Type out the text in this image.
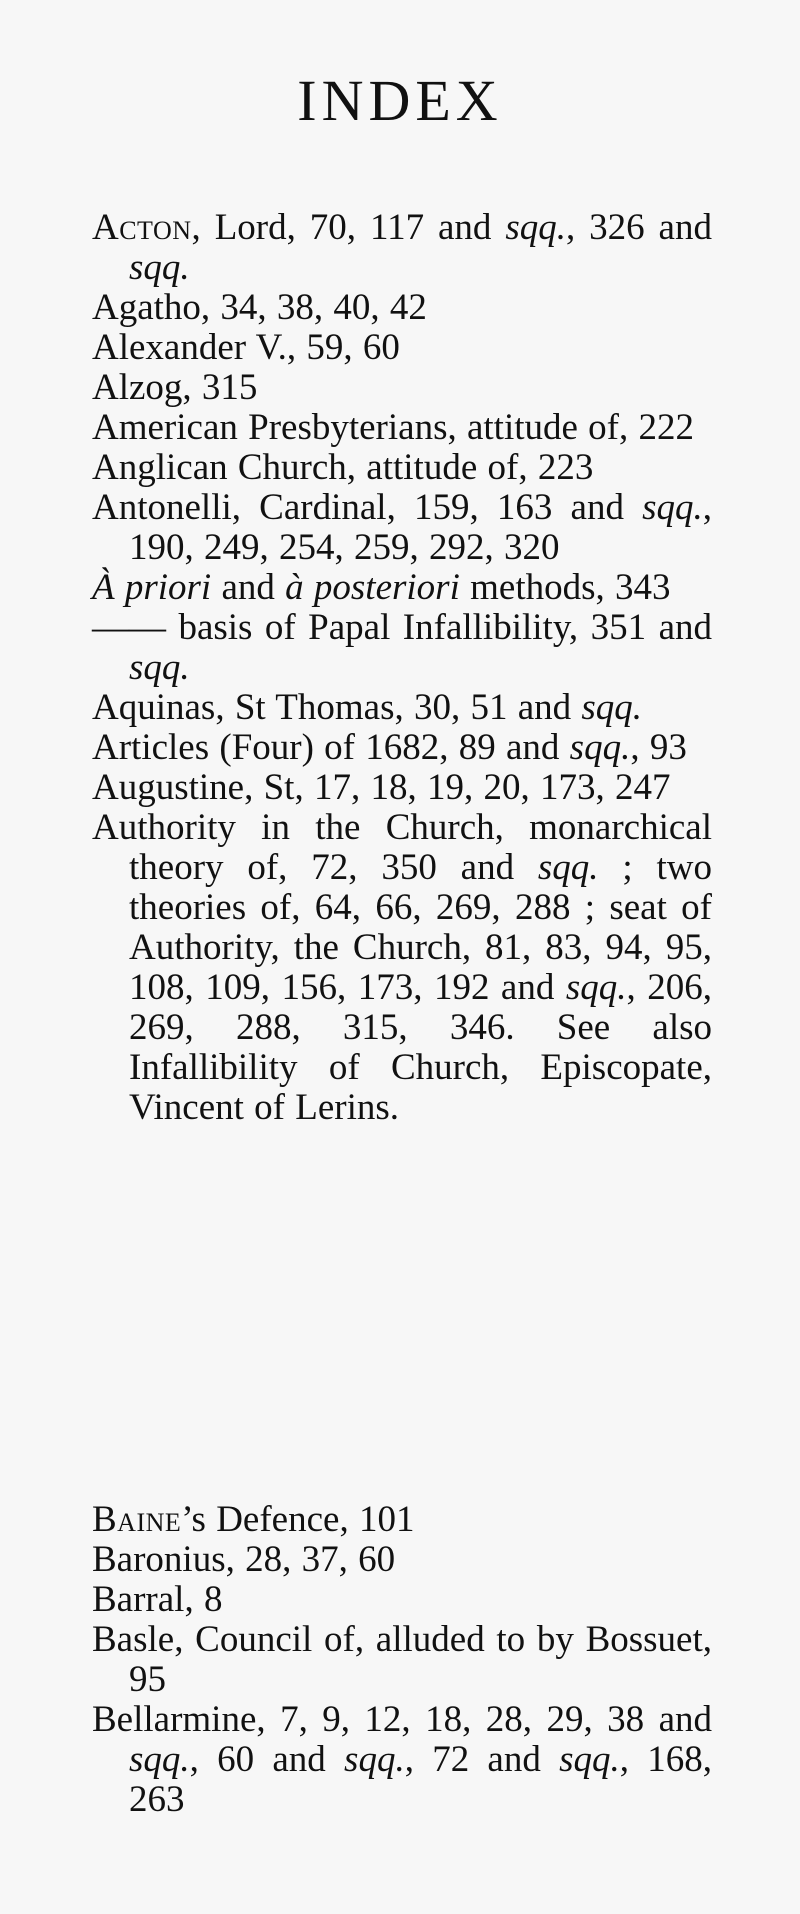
INDEX

Acton, Lord, 70, 117 and sqq., 326 and sqq.

Agatho, 34, 38, 40, 42

Alexander V., 59, 60

Alzog, 315

American Presbyterians, attitude of, 222

Anglican Church, attitude of, 223

Antonelli, Cardinal, 159, 163 and sqq., 190, 249, 254, 259, 292, 320

À priori and à posteriori methods, 343

—— basis of Papal Infallibility, 351 and sqq.

Aquinas, St Thomas, 30, 51 and sqq.

Articles (Four) of 1682, 89 and sqq., 93

Augustine, St, 17, 18, 19, 20, 173, 247

Authority in the Church, monarchical theory of, 72, 350 and sqq. ; two theories of, 64, 66, 269, 288 ; seat of Authority, the Church, 81, 83, 94, 95, 108, 109, 156, 173, 192 and sqq., 206, 269, 288, 315, 346. See also Infallibility of Church, Episcopate, Vincent of Lerins.

Baine’s Defence, 101

Baronius, 28, 37, 60

Barral, 8

Basle, Council of, alluded to by Bossuet, 95

Bellarmine, 7, 9, 12, 18, 28, 29, 38 and sqq., 60 and sqq., 72 and sqq., 168, 263
